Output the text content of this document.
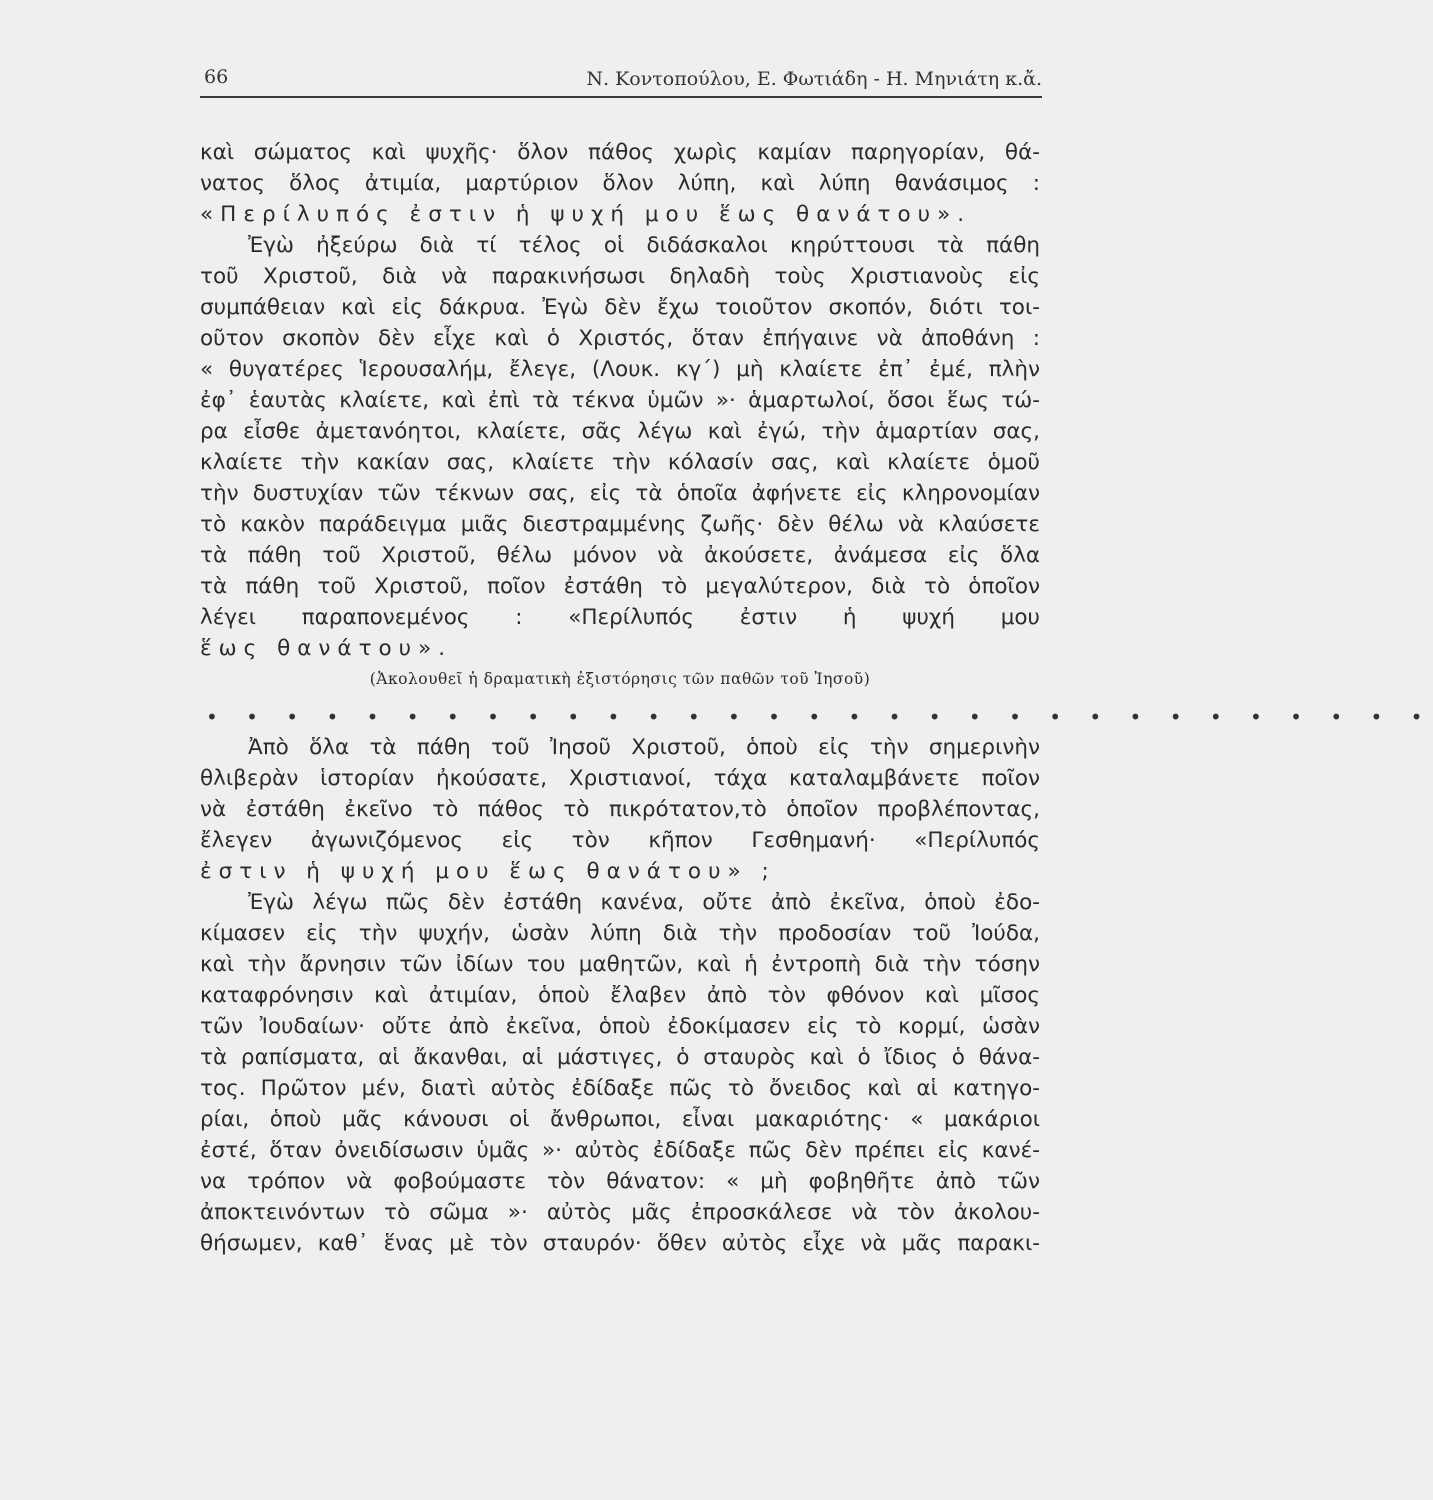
66	Ν. Κοντοπούλου, Ε. Φωτιάδη - Η. Μηνιάτη κ.ἄ.
καὶ σώματος καὶ ψυχῆς· ὅλον πάθος χωρὶς καμίαν παρηγορίαν, θά-
νατος ὅλος ἀτιμία, μαρτύριον ὅλον λύπη, καὶ λύπη θανάσιμος :
«Περίλυπός ἐστιν ἡ ψυχή μου ἕως θανάτου».
Ἐγὼ ἠξεύρω διὰ τί τέλος οἱ διδάσκαλοι κηρύττουσι τὰ πάθη
τοῦ Χριστοῦ, διὰ νὰ παρακινήσωσι δηλαδὴ τοὺς Χριστιανοὺς εἰς
συμπάθειαν καὶ εἰς δάκρυα. Ἐγὼ δὲν ἔχω τοιοῦτον σκοπόν, διότι τοι-
οῦτον σκοπὸν δὲν εἶχε καὶ ὁ Χριστός, ὅταν ἐπήγαινε νὰ ἀποθάνη :
« θυγατέρες Ἱερουσαλήμ, ἔλεγε, (Λουκ. κγ΄) μὴ κλαίετε ἐπ᾿ ἐμέ, πλὴν
ἐφ᾿ ἑαυτὰς κλαίετε, καὶ ἐπὶ τὰ τέκνα ὑμῶν »· ἁμαρτωλοί, ὅσοι ἕως τώ-
ρα εἶσθε ἀμετανόητοι, κλαίετε, σᾶς λέγω καὶ ἐγώ, τὴν ἁμαρτίαν σας,
κλαίετε τὴν κακίαν σας, κλαίετε τὴν κόλασίν σας, καὶ κλαίετε ὁμοῦ
τὴν δυστυχίαν τῶν τέκνων σας, εἰς τὰ ὁποῖα ἀφήνετε εἰς κληρονομίαν
τὸ κακὸν παράδειγμα μιᾶς διεστραμμένης ζωῆς· δὲν θέλω νὰ κλαύσετε
τὰ πάθη τοῦ Χριστοῦ, θέλω μόνον νὰ ἀκούσετε, ἀνάμεσα εἰς ὅλα
τὰ πάθη τοῦ Χριστοῦ, ποῖον ἐστάθη τὸ μεγαλύτερον, διὰ τὸ ὁποῖον
λέγει παραπονεμένος : «Περίλυπός ἐστιν ἡ ψυχή μου
ἕως θανάτου».
(Ἀκολουθεῖ ἡ δραματικὴ ἐξιστόρησις τῶν παθῶν τοῦ Ἰησοῦ)
• • • • • • • • • • • • • • • • • • • • • • • • • • • • • • •
Ἀπὸ ὅλα τὰ πάθη τοῦ Ἰησοῦ Χριστοῦ, ὁποὺ εἰς τὴν σημερινὴν
θλιβερὰν ἱστορίαν ἠκούσατε, Χριστιανοί, τάχα καταλαμβάνετε ποῖον
νὰ ἐστάθη ἐκεῖνο τὸ πάθος τὸ πικρότατον,τὸ ὁποῖον προβλέποντας,
ἔλεγεν ἀγωνιζόμενος εἰς τὸν κῆπον Γεσθημανή· «Περίλυπός
ἐστιν ἡ ψυχή μου ἕως θανάτου» ;
Ἐγὼ λέγω πῶς δὲν ἐστάθη κανένα, οὔτε ἀπὸ ἐκεῖνα, ὁποὺ ἐδο-
κίμασεν εἰς τὴν ψυχήν, ὡσὰν λύπη διὰ τὴν προδοσίαν τοῦ Ἰούδα,
καὶ τὴν ἄρνησιν τῶν ἰδίων του μαθητῶν, καὶ ἡ ἐντροπὴ διὰ τὴν τόσην
καταφρόνησιν καὶ ἀτιμίαν, ὁποὺ ἔλαβεν ἀπὸ τὸν φθόνον καὶ μῖσος
τῶν Ἰουδαίων· οὔτε ἀπὸ ἐκεῖνα, ὁποὺ ἐδοκίμασεν εἰς τὸ κορμί, ὡσὰν
τὰ ραπίσματα, αἱ ἄκανθαι, αἱ μάστιγες, ὁ σταυρὸς καὶ ὁ ἴδιος ὁ θάνα-
τος. Πρῶτον μέν, διατὶ αὐτὸς ἐδίδαξε πῶς τὸ ὄνειδος καὶ αἱ κατηγο-
ρίαι, ὁποὺ μᾶς κάνουσι οἱ ἄνθρωποι, εἶναι μακαριότης· « μακάριοι
ἐστέ, ὅταν ὀνειδίσωσιν ὑμᾶς »· αὐτὸς ἐδίδαξε πῶς δὲν πρέπει εἰς κανέ-
να τρόπον νὰ φοβούμαστε τὸν θάνατον: « μὴ φοβηθῆτε ἀπὸ τῶν
ἀποκτεινόντων τὸ σῶμα »· αὐτὸς μᾶς ἐπροσκάλεσε νὰ τὸν ἀκολου-
θήσωμεν, καθ᾿ ἕνας μὲ τὸν σταυρόν· ὅθεν αὐτὸς εἶχε νὰ μᾶς παρακι-
